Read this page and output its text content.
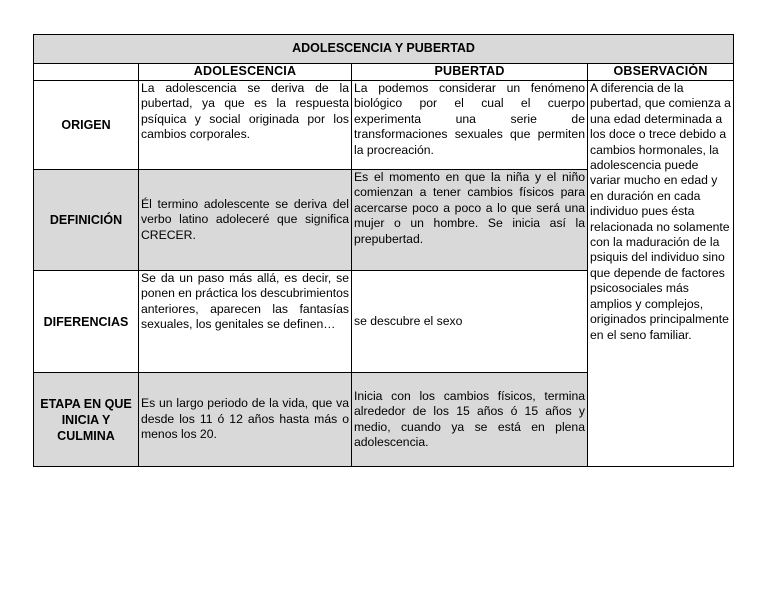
ADOLESCENCIA Y PUBERTAD			
	ADOLESCENCIA	PUBERTAD	OBSERVACIÓN
ORIGEN	La adolescencia se deriva de la pubertad, ya que es la respuesta psíquica y social originada por los cambios corporales.	La podemos considerar un fenómeno biológico por el cual el cuerpo experimenta una serie de transformaciones sexuales que permiten la procreación.	A diferencia de la pubertad, que comienza a una edad determinada a los doce o trece debido a cambios hormonales, la adolescencia puede variar mucho en edad y en duración en cada individuo pues ésta relacionada no solamente con la maduración de la psiquis del individuo sino que depende de factores psicosociales más amplios y complejos, originados principalmente en el seno familiar.
DEFINICIÓN	Él termino adolescente se deriva del verbo latino adoleceré que significa CRECER.	Es el momento en que la niña y el niño comienzan a tener cambios físicos para acercarse poco a poco a lo que será una mujer o un hombre. Se inicia así la prepubertad.	
DIFERENCIAS	Se da un paso más allá, es decir, se ponen en práctica los descubrimientos anteriores, aparecen las fantasías sexuales, los genitales se definen…	se descubre el sexo	
ETAPA EN QUE INICIA Y CULMINA	Es un largo periodo de la vida, que va desde los 11 ó 12 años hasta más o menos los 20.	Inicia con los cambios físicos, termina alrededor de los 15 años ó 15 años y medio, cuando ya se está en plena adolescencia.	
